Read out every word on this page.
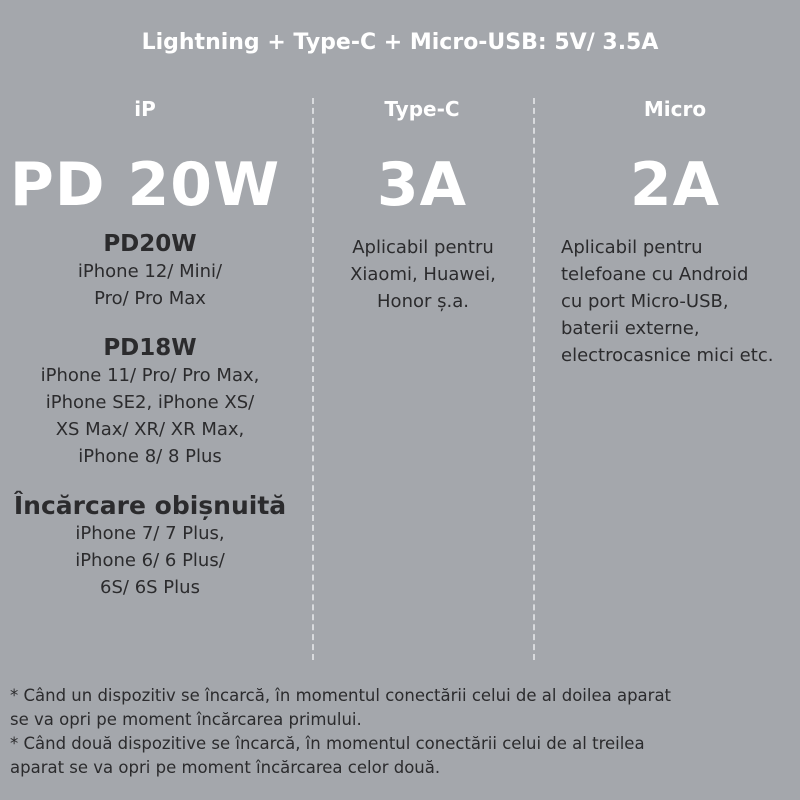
Lightning + Type-C + Micro-USB: 5V/ 3.5A
iP
PD 20W
PD20W
iPhone 12/ Mini/
Pro/ Pro Max
PD18W
iPhone 11/ Pro/ Pro Max,
iPhone SE2, iPhone XS/
XS Max/ XR/ XR Max,
iPhone 8/ 8 Plus
Încărcare obișnuită
iPhone 7/ 7 Plus,
iPhone 6/ 6 Plus/
6S/ 6S Plus
Type-C
3A
Aplicabil pentru
Xiaomi, Huawei,
Honor ș.a.
Micro
2A
Aplicabil pentru
telefoane cu Android
cu port Micro-USB,
baterii externe,
electrocasnice mici etc.
* Când un dispozitiv se încarcă, în momentul conectării celui de al doilea aparat
se va opri pe moment încărcarea primului.
* Când două dispozitive se încarcă, în momentul conectării celui de al treilea
aparat se va opri pe moment încărcarea celor două.
